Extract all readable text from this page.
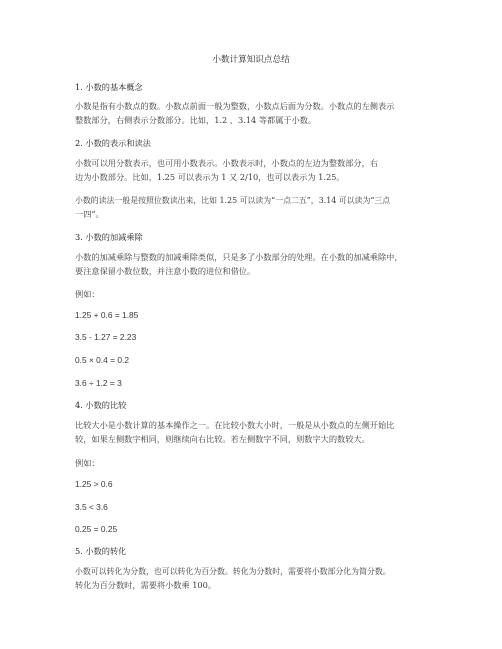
小数计算知识点总结
1. 小数的基本概念
小数是指有小数点的数。小数点前面一般为整数，小数点后面为分数。小数点的左侧表示
整数部分，右侧表示分数部分。比如，1.2 、3.14 等都属于小数。
2. 小数的表示和读法
小数可以用分数表示，也可用小数表示。小数表示时，小数点的左边为整数部分，右
边为小数部分。比如，1.25 可以表示为 1 又 2/10，也可以表示为 1.25。
小数的读法一般是按照位数读出来，比如 1.25 可以读为“一点二五”，3.14 可以读为“三点
一四”。
3. 小数的加减乘除
小数的加减乘除与整数的加减乘除类似，只是多了小数部分的处理。在小数的加减乘除中，
要注意保留小数位数，并注意小数的进位和借位。
例如：
1.25 + 0.6 = 1.85
3.5 - 1.27 = 2.23
0.5 × 0.4 = 0.2
3.6 ÷ 1.2 = 3
4. 小数的比较
比较大小是小数计算的基本操作之一。在比较小数大小时，一般是从小数点的左侧开始比
较，如果左侧数字相同，则继续向右比较。若左侧数字不同，则数字大的数较大。
例如：
1.25 > 0.6
3.5 < 3.6
0.25 = 0.25
5. 小数的转化
小数可以转化为分数，也可以转化为百分数。转化为分数时，需要将小数部分化为简分数。
转化为百分数时，需要将小数乘 100。
